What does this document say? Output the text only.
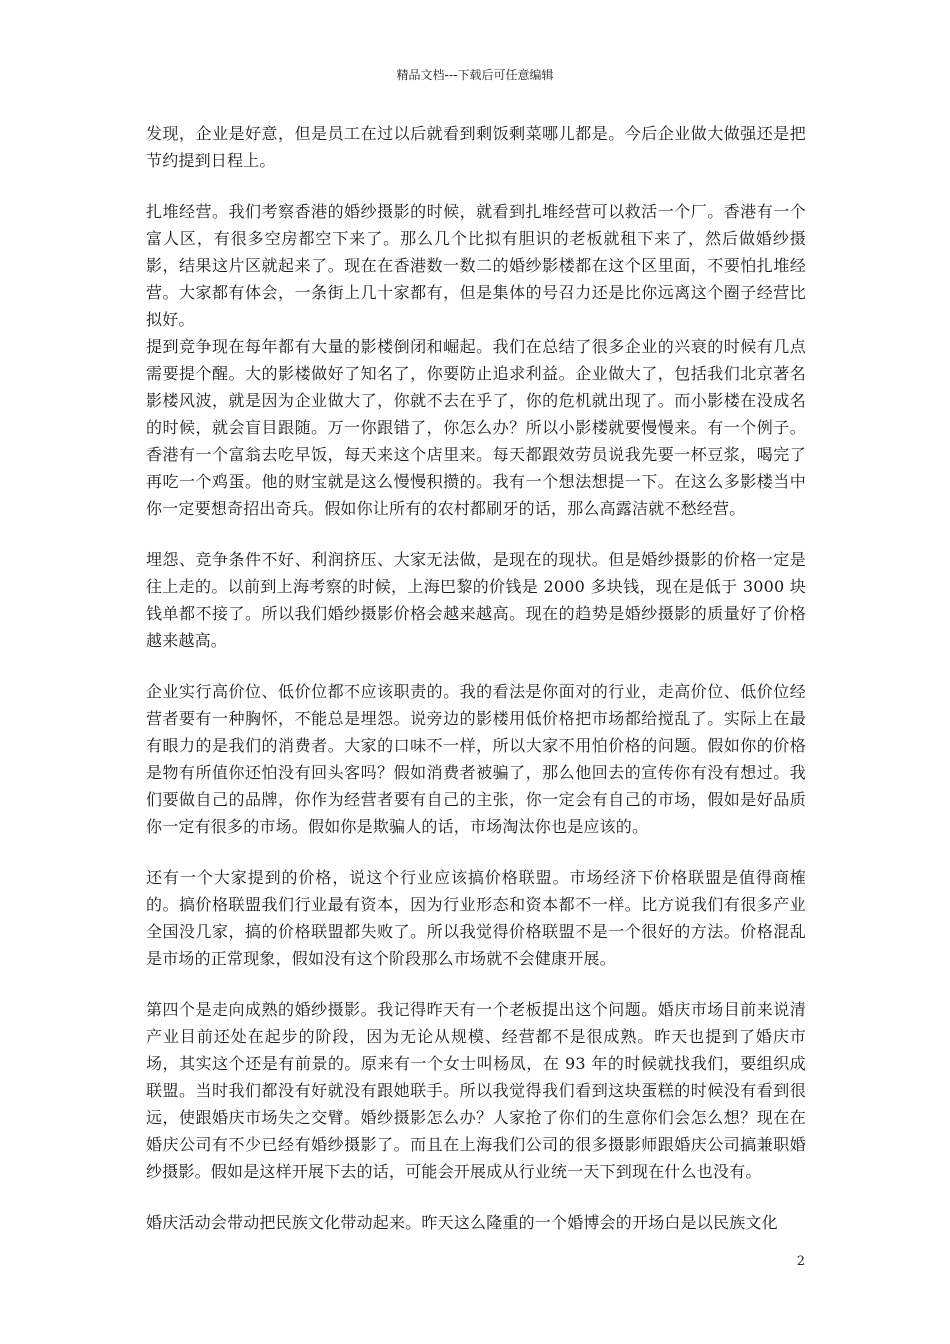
精品文档---下载后可任意编辑

发现，企业是好意，但是员工在过以后就看到剩饭剩菜哪儿都是。今后企业做大做强还是把节约提到日程上。

扎堆经营。我们考察香港的婚纱摄影的时候，就看到扎堆经营可以救活一个厂。香港有一个富人区，有很多空房都空下来了。那么几个比拟有胆识的老板就租下来了，然后做婚纱摄影，结果这片区就起来了。现在在香港数一数二的婚纱影楼都在这个区里面，不要怕扎堆经营。大家都有体会，一条街上几十家都有，但是集体的号召力还是比你远离这个圈子经营比拟好。

提到竞争现在每年都有大量的影楼倒闭和崛起。我们在总结了很多企业的兴衰的时候有几点需要提个醒。大的影楼做好了知名了，你要防止追求利益。企业做大了，包括我们北京著名影楼风波，就是因为企业做大了，你就不去在乎了，你的危机就出现了。而小影楼在没成名的时候，就会盲目跟随。万一你跟错了，你怎么办？所以小影楼就要慢慢来。有一个例子。香港有一个富翁去吃早饭，每天来这个店里来。每天都跟效劳员说我先要一杯豆浆，喝完了再吃一个鸡蛋。他的财宝就是这么慢慢积攒的。我有一个想法想提一下。在这么多影楼当中你一定要想奇招出奇兵。假如你让所有的农村都刷牙的话，那么高露洁就不愁经营。

埋怨、竞争条件不好、利润挤压、大家无法做，是现在的现状。但是婚纱摄影的价格一定是往上走的。以前到上海考察的时候，上海巴黎的价钱是 2000 多块钱，现在是低于 3000 块钱单都不接了。所以我们婚纱摄影价格会越来越高。现在的趋势是婚纱摄影的质量好了价格越来越高。

企业实行高价位、低价位都不应该职责的。我的看法是你面对的行业，走高价位、低价位经营者要有一种胸怀，不能总是埋怨。说旁边的影楼用低价格把市场都给搅乱了。实际上在最有眼力的是我们的消费者。大家的口味不一样，所以大家不用怕价格的问题。假如你的价格是物有所值你还怕没有回头客吗？假如消费者被骗了，那么他回去的宣传你有没有想过。我们要做自己的品牌，你作为经营者要有自己的主张，你一定会有自己的市场，假如是好品质你一定有很多的市场。假如你是欺骗人的话，市场淘汰你也是应该的。

还有一个大家提到的价格，说这个行业应该搞价格联盟。市场经济下价格联盟是值得商榷的。搞价格联盟我们行业最有资本，因为行业形态和资本都不一样。比方说我们有很多产业全国没几家，搞的价格联盟都失败了。所以我觉得价格联盟不是一个很好的方法。价格混乱是市场的正常现象，假如没有这个阶段那么市场就不会健康开展。

第四个是走向成熟的婚纱摄影。我记得昨天有一个老板提出这个问题。婚庆市场目前来说清产业目前还处在起步的阶段，因为无论从规模、经营都不是很成熟。昨天也提到了婚庆市场，其实这个还是有前景的。原来有一个女士叫杨凤，在 93 年的时候就找我们，要组织成联盟。当时我们都没有好就没有跟她联手。所以我觉得我们看到这块蛋糕的时候没有看到很远，使跟婚庆市场失之交臂。婚纱摄影怎么办？人家抢了你们的生意你们会怎么想？现在在婚庆公司有不少已经有婚纱摄影了。而且在上海我们公司的很多摄影师跟婚庆公司搞兼职婚纱摄影。假如是这样开展下去的话，可能会开展成从行业统一天下到现在什么也没有。

婚庆活动会带动把民族文化带动起来。昨天这么隆重的一个婚博会的开场白是以民族文化

2
